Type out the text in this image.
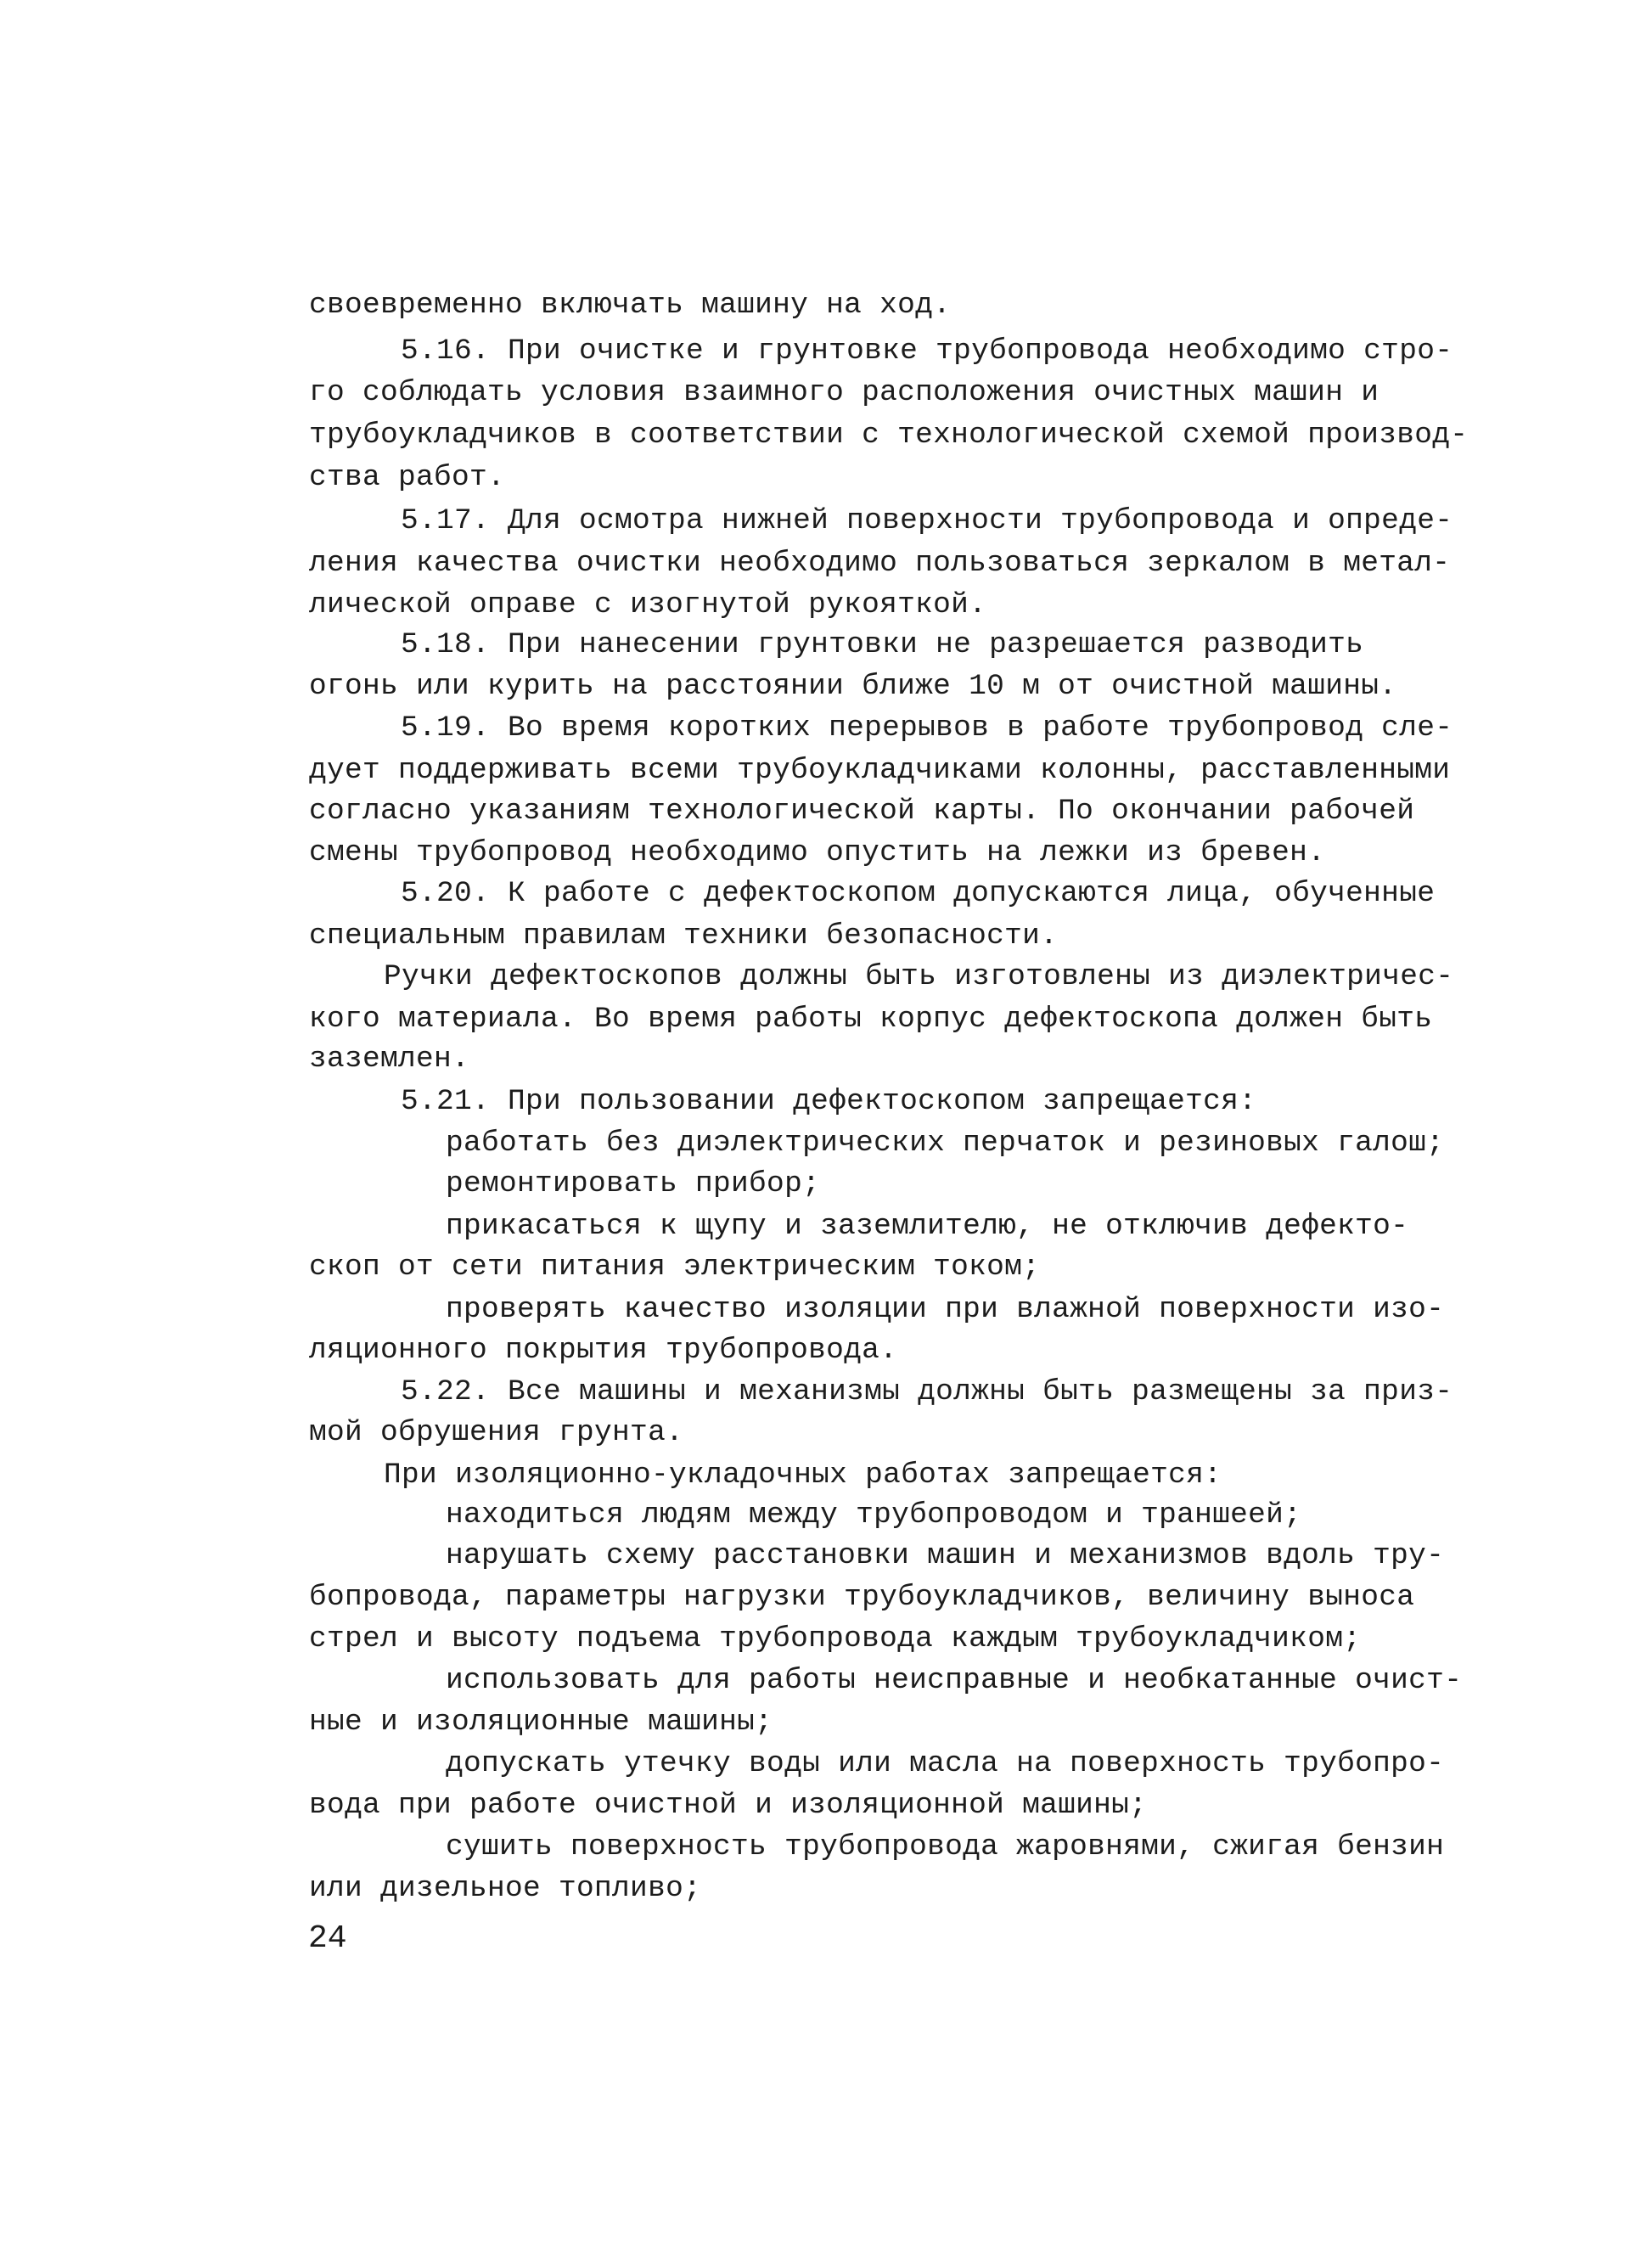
своевременно включать машину на ход.
5.16. При очистке и грунтовке трубопровода необходимо стро-
го соблюдать условия взаимного расположения очистных машин и
трубоукладчиков в соответствии с технологической схемой производ-
ства работ.
5.17. Для осмотра нижней поверхности трубопровода и опреде-
ления качества очистки необходимо пользоваться зеркалом в метал-
лической оправе с изогнутой рукояткой.
5.18. При нанесении грунтовки не разрешается разводить
огонь или курить на расстоянии ближе 10 м от очистной машины.
5.19. Во время коротких перерывов в работе трубопровод сле-
дует поддерживать всеми трубоукладчиками колонны, расставленными
согласно указаниям технологической карты. По окончании рабочей
смены трубопровод необходимо опустить на лежки из бревен.
5.20. К работе с дефектоскопом допускаются лица, обученные
специальным правилам техники безопасности.
Ручки дефектоскопов должны быть изготовлены из диэлектричес-
кого материала. Во время работы корпус дефектоскопа должен быть
заземлен.
5.21. При пользовании дефектоскопом запрещается:
работать без диэлектрических перчаток и резиновых галош;
ремонтировать прибор;
прикасаться к щупу и заземлителю, не отключив дефекто-
скоп от сети питания электрическим током;
проверять качество изоляции при влажной поверхности изо-
ляционного покрытия трубопровода.
5.22. Все машины и механизмы должны быть размещены за приз-
мой обрушения грунта.
При изоляционно-укладочных работах запрещается:
находиться людям между трубопроводом и траншеей;
нарушать схему расстановки машин и механизмов вдоль тру-
бопровода, параметры нагрузки трубоукладчиков, величину выноса
стрел и высоту подъема трубопровода каждым трубоукладчиком;
использовать для работы неисправные и необкатанные очист-
ные и изоляционные машины;
допускать утечку воды или масла на поверхность трубопро-
вода при работе очистной и изоляционной машины;
сушить поверхность трубопровода жаровнями, сжигая бензин
или дизельное топливо;
24
